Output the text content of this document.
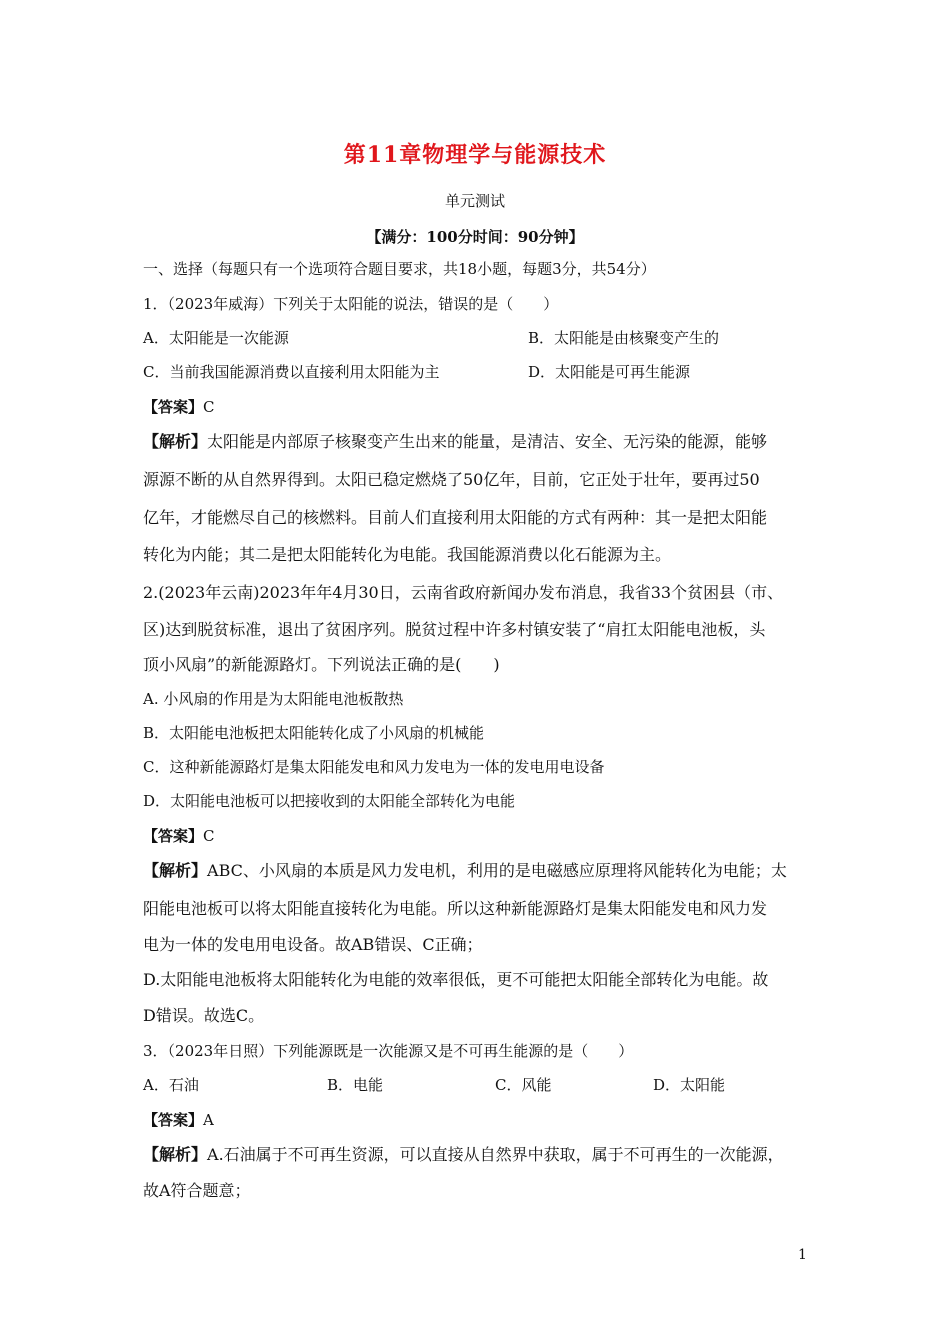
第11章物理学与能源技术
单元测试
【满分：100分时间：90分钟】
一、选择（每题只有一个选项符合题目要求，共18小题，每题3分，共54分）
1．（2023年威海）下列关于太阳能的说法，错误的是（　　）
A．太阳能是一次能源	B．太阳能是由核聚变产生的
C．当前我国能源消费以直接利用太阳能为主	D．太阳能是可再生能源
【答案】C
【解析】太阳能是内部原子核聚变产生出来的能量，是清洁、安全、无污染的能源，能够
源源不断的从自然界得到。太阳已稳定燃烧了50亿年，目前，它正处于壮年，要再过50
亿年，才能燃尽自己的核燃料。目前人们直接利用太阳能的方式有两种：其一是把太阳能
转化为内能；其二是把太阳能转化为电能。我国能源消费以化石能源为主。
2.(2023年云南)2023年年4月30日，云南省政府新闻办发布消息，我省33个贫困县（市、
区)达到脱贫标准，退出了贫困序列。脱贫过程中许多村镇安装了“肩扛太阳能电池板，头
顶小风扇”的新能源路灯。下列说法正确的是(　　)
A. 小风扇的作用是为太阳能电池板散热
B．太阳能电池板把太阳能转化成了小风扇的机械能
C．这种新能源路灯是集太阳能发电和风力发电为一体的发电用电设备
D．太阳能电池板可以把接收到的太阳能全部转化为电能
【答案】C
【解析】ABC、小风扇的本质是风力发电机，利用的是电磁感应原理将风能转化为电能；太
阳能电池板可以将太阳能直接转化为电能。所以这种新能源路灯是集太阳能发电和风力发
电为一体的发电用电设备。故AB错误、C正确；
D.太阳能电池板将太阳能转化为电能的效率很低，更不可能把太阳能全部转化为电能。故
D错误。故选C。
3．（2023年日照）下列能源既是一次能源又是不可再生能源的是（　　）
A．石油	B．电能	C．风能	D．太阳能
【答案】A
【解析】A.石油属于不可再生资源，可以直接从自然界中获取，属于不可再生的一次能源，
故A符合题意；
1
